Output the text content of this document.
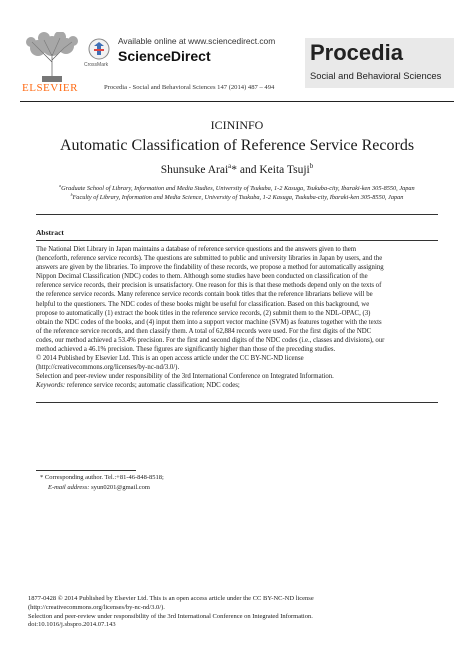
ELSEVIER
CrossMark
Available online at www.sciencedirect.com
ScienceDirect
Procedia - Social and Behavioral Sciences 147 (2014) 487 – 494
Procedia
Social and Behavioral Sciences
ICININFO
Automatic Classification of Reference Service Records
Shunsuke Arai$^a$* and Keita Tsuji$^b$
$^a$Graduate School of Library, Information and Media Studies, University of Tsukuba, 1-2 Kasuga, Tsukuba-city, Ibaraki-ken 305-8550, Japan
$^b$Faculty of Library, Information and Media Science, University of Tsukuba, 1-2 Kasuga, Tsukuba-city, Ibaraki-ken 305-8550, Japan
Abstract
The National Diet Library in Japan maintains a database of reference service questions and the answers given to them
(henceforth, reference service records). The questions are submitted to public and university libraries in Japan by users, and the
answers are given by the libraries. To improve the findability of these records, we propose a method for automatically assigning
Nippon Decimal Classification (NDC) codes to them. Although some studies have been conducted on classification of the
reference service records, their precision is unsatisfactory. One reason for this is that these methods depend only on the texts of
the reference service records. Many reference service records contain book titles that the reference librarians believe will be
helpful to the questioners. The NDC codes of these books might be useful for classification. Based on this background, we
propose to automatically (1) extract the book titles in the reference service records, (2) submit them to the NDL-OPAC, (3)
obtain the NDC codes of the books, and (4) input them into a support vector machine (SVM) as features together with the texts
of the reference service records, and then classify them. A total of 62,884 records were used. For the first digits of the NDC
codes, our method achieved a 53.4% precision. For the first and second digits of the NDC codes (i.e., classes and divisions), our
method achieved a 46.1% precision. These figures are significantly higher than those of the preceding studies.
© 2014 Published by Elsevier Ltd. This is an open access article under the CC BY-NC-ND license
(http://creativecommons.org/licenses/by-nc-nd/3.0/).
Selection and peer-review under responsibility of the 3rd International Conference on Integrated Information.
Keywords: reference service records; automatic classification; NDC codes;
* Corresponding author. Tel.:+81-46-848-8518;
E-mail address: syun0201@gmail.com
1877-0428 © 2014 Published by Elsevier Ltd. This is an open access article under the CC BY-NC-ND license
(http://creativecommons.org/licenses/by-nc-nd/3.0/).
Selection and peer-review under responsibility of the 3rd International Conference on Integrated Information.
doi:10.1016/j.sbspro.2014.07.143
